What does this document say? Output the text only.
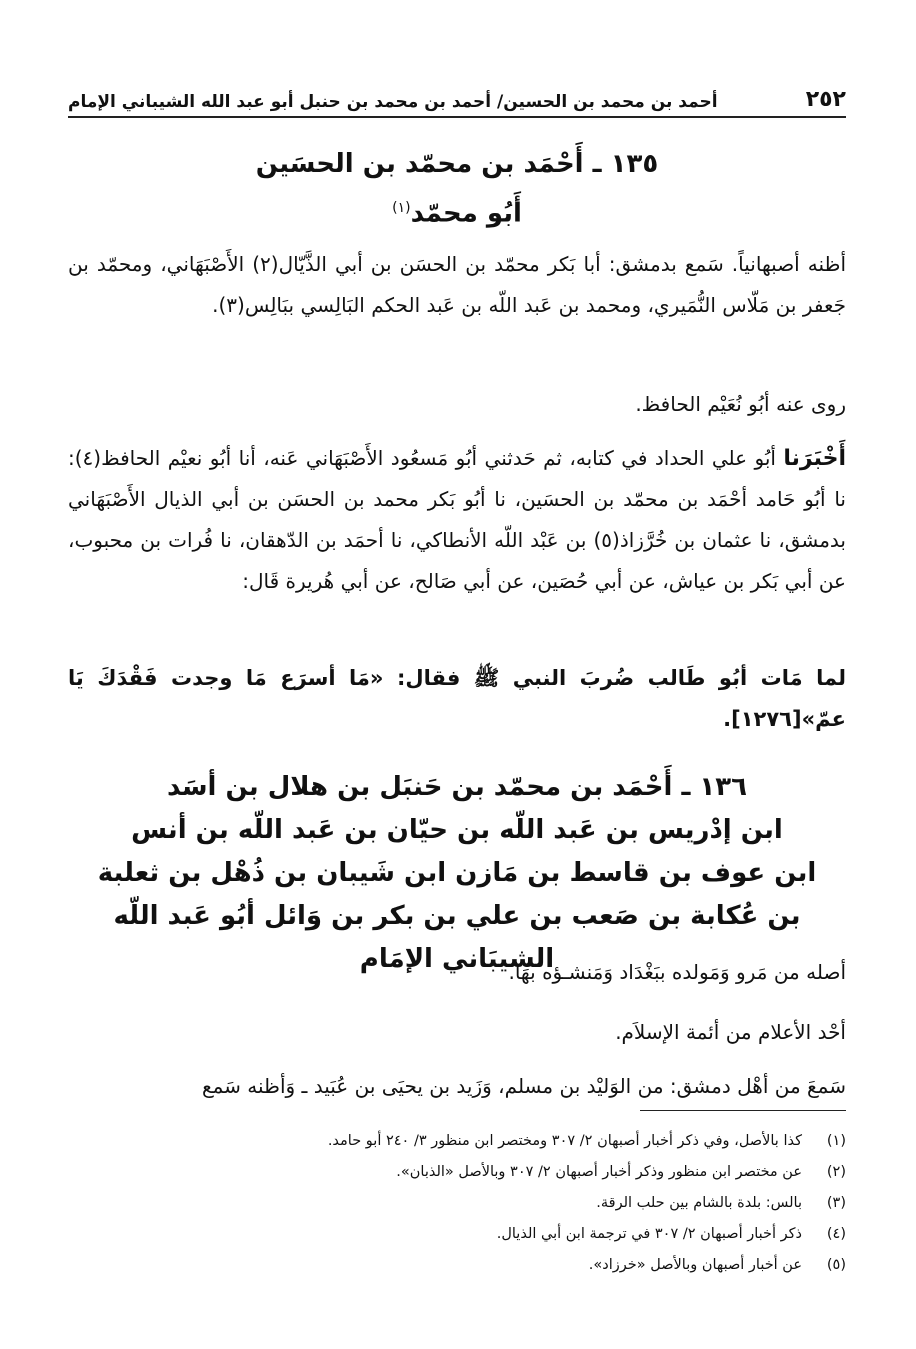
٢٥٢
أحمد بن محمد بن الحسين/ أحمد بن محمد بن حنبل أبو عبد الله الشيباني الإمام
١٣٥ ـ أَحْمَد بن محمّد بن الحسَين
أَبُو محمّد$^{(١)}$
أظنه أصبهانياً. سَمع بدمشق: أبا بَكر محمّد بن الحسَن بن أبي الذَّيّال(٢) الأَصْبَهَاني، ومحمّد بن جَعفر بن مَلّاس النُّمَيري، ومحمد بن عَبد اللّه بن عَبد الحكم البَالِسي ببَالِس(٣).
روى عنه أبُو نُعَيْم الحافظ.
أَخْبَرَنا أبُو علي الحداد في كتابه، ثم حَدثني أبُو مَسعُود الأَصْبَهَاني عَنه، أنا أبُو نعيْم الحافظ(٤): نا أبُو حَامد أحْمَد بن محمّد بن الحسَين، نا أبُو بَكر محمد بن الحسَن بن أبي الذيال الأَصْبَهَاني بدمشق، نا عثمان بن خُرَّزاذ(٥) بن عَبْد اللّه الأنطاكي، نا أحمَد بن الدّهقان، نا فُرات بن محبوب، عن أبي بَكر بن عياش، عن أبي حُصَين، عن أبي صَالح، عن أبي هُريرة قَال:
لما مَات أبُو طَالب ضُربَ النبي ﷺ فقال: «مَا أسرَع مَا وجدت فَقْدَكَ يَا عمّ»[١٢٧٦].
١٣٦ ـ أَحْمَد بن محمّد بن حَنبَل بن هلال بن أسَد
ابن إدْريس بن عَبد اللّه بن حيّان بن عَبد اللّه بن أنس
ابن عوف بن قاسط بن مَازن ابن شَيبان بن ذُهْل بن ثعلبة
بن عُكابة بن صَعب بن علي بن بكر بن وَائل أبُو عَبد اللّه الشيبَاني الإمَام
أصله من مَرو وَمَولده ببَغْدَاد وَمَنشـؤه بهَا.
أحْد الأعلام من أئمة الإسلاَم.
سَمعَ من أهْل دمشق: من الوَليْد بن مسلم، وَزَيد بن يحيَى بن عُبَيد ـ وَأظنه سَمع
(١)
كذا بالأصل، وفي ذكر أخبار أصبهان ٢/ ٣٠٧ ومختصر ابن منظور ٣/ ٢٤٠ أبو حامد.
(٢)
عن مختصر ابن منظور وذكر أخبار أصبهان ٢/ ٣٠٧ وبالأصل «الذبان».
(٣)
بالس: بلدة بالشام بين حلب الرقة.
(٤)
ذكر أخبار أصبهان ٢/ ٣٠٧ في ترجمة ابن أبي الذيال.
(٥)
عن أخبار أصبهان وبالأصل «خرزاد».
